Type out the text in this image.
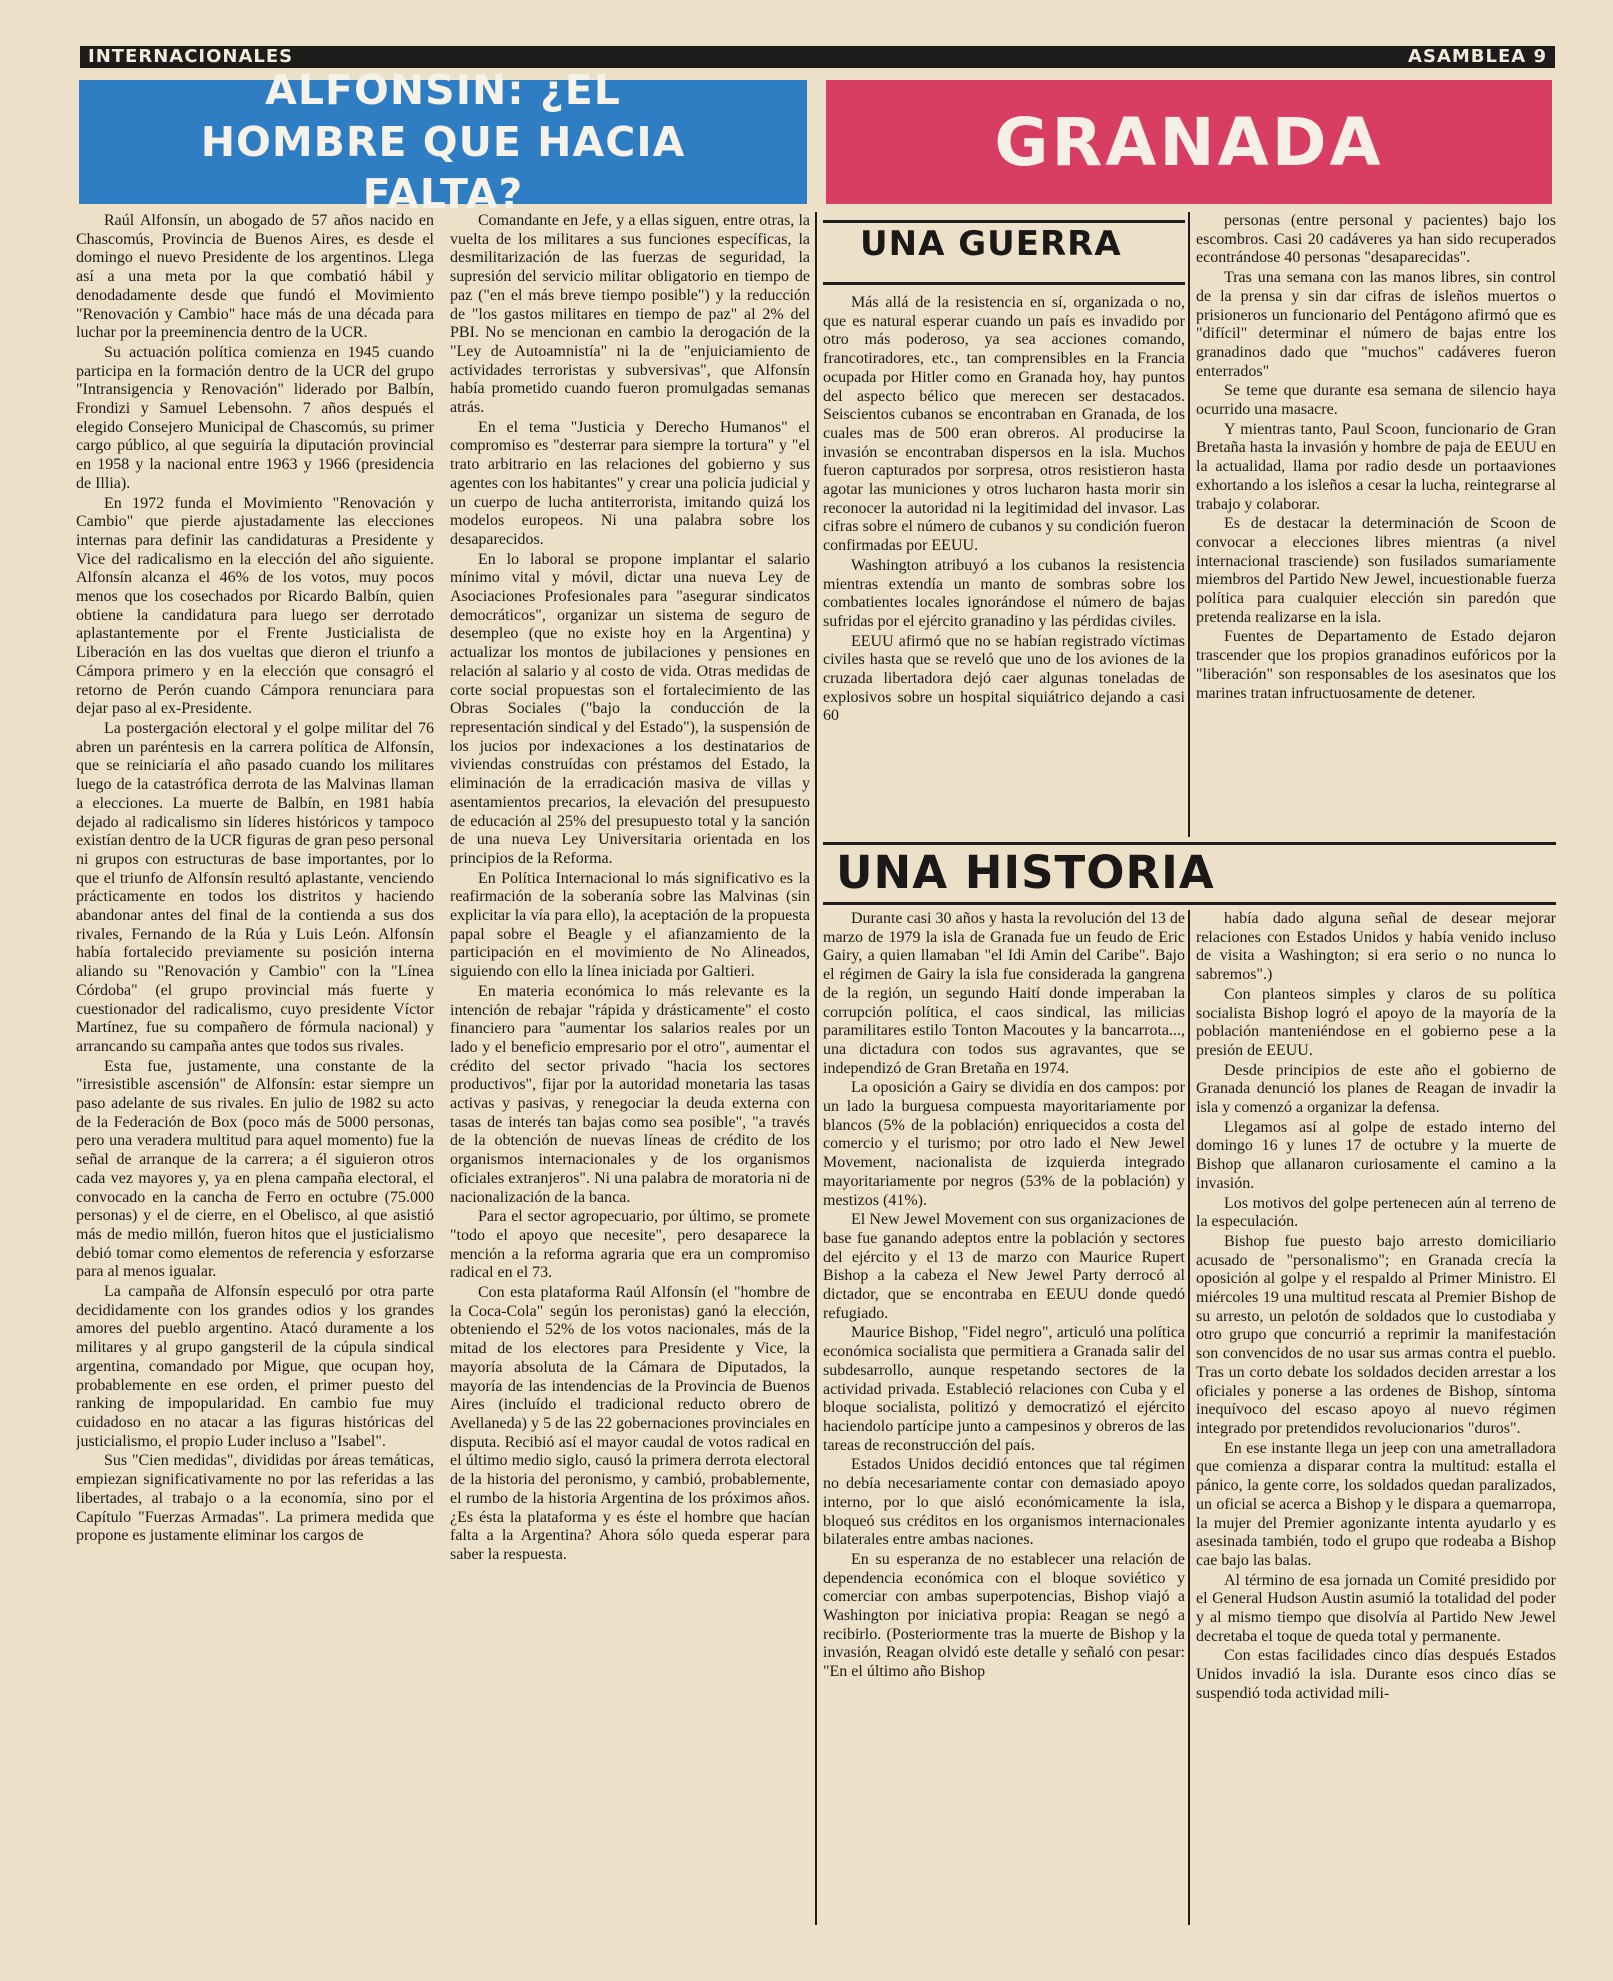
INTERNACIONALES	ASAMBLEA 9
ALFONSIN: ¿EL HOMBRE QUE HACIA FALTA?
GRANADA

Raúl Alfonsín, un abogado de 57 años nacido en Chascomús, Provincia de Buenos Aires, es desde el domingo el nuevo Presidente de los argentinos. Llega así a una meta por la que combatió hábil y denodadamente desde que fundó el Movimiento "Renovación y Cambio" hace más de una década para luchar por la preeminencia dentro de la UCR.

Su actuación política comienza en 1945 cuando participa en la formación dentro de la UCR del grupo "Intransigencia y Renovación" liderado por Balbín, Frondizi y Samuel Lebensohn. 7 años después el elegido Consejero Municipal de Chascomús, su primer cargo público, al que seguiría la diputación provincial en 1958 y la nacional entre 1963 y 1966 (presidencia de Illia).

En 1972 funda el Movimiento "Renovación y Cambio" que pierde ajustadamente las elecciones internas para definir las candidaturas a Presidente y Vice del radicalismo en la elección del año siguiente. Alfonsín alcanza el 46% de los votos, muy pocos menos que los cosechados por Ricardo Balbín, quien obtiene la candidatura para luego ser derrotado aplastantemente por el Frente Justicialista de Liberación en las dos vueltas que dieron el triunfo a Cámpora primero y en la elección que consagró el retorno de Perón cuando Cámpora renunciara para dejar paso al ex-Presidente.

La postergación electoral y el golpe militar del 76 abren un paréntesis en la carrera política de Alfonsín, que se reiniciaría el año pasado cuando los militares luego de la catastrófica derrota de las Malvinas llaman a elecciones. La muerte de Balbín, en 1981 había dejado al radicalismo sin líderes históricos y tampoco existían dentro de la UCR figuras de gran peso personal ni grupos con estructuras de base importantes, por lo que el triunfo de Alfonsín resultó aplastante, venciendo prácticamente en todos los distritos y haciendo abandonar antes del final de la contienda a sus dos rivales, Fernando de la Rúa y Luis León. Alfonsín había fortalecido previamente su posición interna aliando su "Renovación y Cambio" con la "Línea Córdoba" (el grupo provincial más fuerte y cuestionador del radicalismo, cuyo presidente Víctor Martínez, fue su compañero de fórmula nacional) y arrancando su campaña antes que todos sus rivales.

Esta fue, justamente, una constante de la "irresistible ascensión" de Alfonsín: estar siempre un paso adelante de sus rivales. En julio de 1982 su acto de la Federación de Box (poco más de 5000 personas, pero una veradera multitud para aquel momento) fue la señal de arranque de la carrera; a él siguieron otros cada vez mayores y, ya en plena campaña electoral, el convocado en la cancha de Ferro en octubre (75.000 personas) y el de cierre, en el Obelisco, al que asistió más de medio millón, fueron hitos que el justicialismo debió tomar como elementos de referencia y esforzarse para al menos igualar.

La campaña de Alfonsín especuló por otra parte decididamente con los grandes odios y los grandes amores del pueblo argentino. Atacó duramente a los militares y al grupo gangsteril de la cúpula sindical argentina, comandado por Migue, que ocupan hoy, probablemente en ese orden, el primer puesto del ranking de impopularidad. En cambio fue muy cuidadoso en no atacar a las figuras históricas del justicialismo, el propio Luder incluso a "Isabel".

Sus "Cien medidas", divididas por áreas temáticas, empiezan significativamente no por las referidas a las libertades, al trabajo o a la economía, sino por el Capítulo "Fuerzas Armadas". La primera medida que propone es justamente eliminar los cargos de

Comandante en Jefe, y a ellas siguen, entre otras, la vuelta de los militares a sus funciones específicas, la desmilitarización de las fuerzas de seguridad, la supresión del servicio militar obligatorio en tiempo de paz ("en el más breve tiempo posible") y la reducción de "los gastos militares en tiempo de paz" al 2% del PBI. No se mencionan en cambio la derogación de la "Ley de Autoamnistía" ni la de "enjuiciamiento de actividades terroristas y subversivas", que Alfonsín había prometido cuando fueron promulgadas semanas atrás.

En el tema "Justicia y Derecho Humanos" el compromiso es "desterrar para siempre la tortura" y "el trato arbitrario en las relaciones del gobierno y sus agentes con los habitantes" y crear una policía judicial y un cuerpo de lucha antiterrorista, imitando quizá los modelos europeos. Ni una palabra sobre los desaparecidos.

En lo laboral se propone implantar el salario mínimo vital y móvil, dictar una nueva Ley de Asociaciones Profesionales para "asegurar sindicatos democráticos", organizar un sistema de seguro de desempleo (que no existe hoy en la Argentina) y actualizar los montos de jubilaciones y pensiones en relación al salario y al costo de vida. Otras medidas de corte social propuestas son el fortalecimiento de las Obras Sociales ("bajo la conducción de la representación sindical y del Estado"), la suspensión de los jucios por indexaciones a los destinatarios de viviendas construídas con préstamos del Estado, la eliminación de la erradicación masiva de villas y asentamientos precarios, la elevación del presupuesto de educación al 25% del presupuesto total y la sanción de una nueva Ley Universitaria orientada en los principios de la Reforma.

En Política Internacional lo más significativo es la reafirmación de la soberanía sobre las Malvinas (sin explicitar la vía para ello), la aceptación de la propuesta papal sobre el Beagle y el afianzamiento de la participación en el movimiento de No Alineados, siguiendo con ello la línea iniciada por Galtieri.

En materia económica lo más relevante es la intención de rebajar "rápida y drásticamente" el costo financiero para "aumentar los salarios reales por un lado y el beneficio empresario por el otro", aumentar el crédito del sector privado "hacia los sectores productivos", fijar por la autoridad monetaria las tasas activas y pasivas, y renegociar la deuda externa con tasas de interés tan bajas como sea posible", "a través de la obtención de nuevas líneas de crédito de los organismos internacionales y de los organismos oficiales extranjeros". Ni una palabra de moratoria ni de nacionalización de la banca.

Para el sector agropecuario, por último, se promete "todo el apoyo que necesite", pero desaparece la mención a la reforma agraria que era un compromiso radical en el 73.

Con esta plataforma Raúl Alfonsín (el "hombre de la Coca-Cola" según los peronistas) ganó la elección, obteniendo el 52% de los votos nacionales, más de la mitad de los electores para Presidente y Vice, la mayoría absoluta de la Cámara de Diputados, la mayoría de las intendencias de la Provincia de Buenos Aires (incluído el tradicional reducto obrero de Avellaneda) y 5 de las 22 gobernaciones provinciales en disputa. Recibió así el mayor caudal de votos radical en el último medio siglo, causó la primera derrota electoral de la historia del peronismo, y cambió, probablemente, el rumbo de la historia Argentina de los próximos años. ¿Es ésta la plataforma y es éste el hombre que hacían falta a la Argentina? Ahora sólo queda esperar para saber la respuesta.

UNA GUERRA

Más allá de la resistencia en sí, organizada o no, que es natural esperar cuando un país es invadido por otro más poderoso, ya sea acciones comando, francotiradores, etc., tan comprensibles en la Francia ocupada por Hitler como en Granada hoy, hay puntos del aspecto bélico que merecen ser destacados. Seiscientos cubanos se encontraban en Granada, de los cuales mas de 500 eran obreros. Al producirse la invasión se encontraban dispersos en la isla. Muchos fueron capturados por sorpresa, otros resistieron hasta agotar las municiones y otros lucharon hasta morir sin reconocer la autoridad ni la legitimidad del invasor. Las cifras sobre el número de cubanos y su condición fueron confirmadas por EEUU.

Washington atribuyó a los cubanos la resistencia mientras extendía un manto de sombras sobre los combatientes locales ignorándose el número de bajas sufridas por el ejército granadino y las pérdidas civiles.

EEUU afirmó que no se habían registrado víctimas civiles hasta que se reveló que uno de los aviones de la cruzada libertadora dejó caer algunas toneladas de explosivos sobre un hospital siquiátrico dejando a casi 60

personas (entre personal y pacientes) bajo los escombros. Casi 20 cadáveres ya han sido recuperados econtrándose 40 personas "desaparecidas".

Tras una semana con las manos libres, sin control de la prensa y sin dar cifras de isleños muertos o prisioneros un funcionario del Pentágono afirmó que es "difícil" determinar el número de bajas entre los granadinos dado que "muchos" cadáveres fueron enterrados"

Se teme que durante esa semana de silencio haya ocurrido una masacre.

Y mientras tanto, Paul Scoon, funcionario de Gran Bretaña hasta la invasión y hombre de paja de EEUU en la actualidad, llama por radio desde un portaaviones exhortando a los isleños a cesar la lucha, reintegrarse al trabajo y colaborar.

Es de destacar la determinación de Scoon de convocar a elecciones libres mientras (a nivel internacional trasciende) son fusilados sumariamente miembros del Partido New Jewel, incuestionable fuerza política para cualquier elección sin paredón que pretenda realizarse en la isla.

Fuentes de Departamento de Estado dejaron trascender que los propios granadinos eufóricos por la "liberación" son responsables de los asesinatos que los marines tratan infructuosamente de detener.

UNA HISTORIA

Durante casi 30 años y hasta la revolución del 13 de marzo de 1979 la isla de Granada fue un feudo de Eric Gairy, a quien llamaban "el Idi Amin del Caribe". Bajo el régimen de Gairy la isla fue considerada la gangrena de la región, un segundo Haití donde imperaban la corrupción política, el caos sindical, las milicias paramilitares estilo Tonton Macoutes y la bancarrota..., una dictadura con todos sus agravantes, que se independizó de Gran Bretaña en 1974.

La oposición a Gairy se dividía en dos campos: por un lado la burguesa compuesta mayoritariamente por blancos (5% de la población) enriquecidos a costa del comercio y el turismo; por otro lado el New Jewel Movement, nacionalista de izquierda integrado mayoritariamente por negros (53% de la población) y mestizos (41%).

El New Jewel Movement con sus organizaciones de base fue ganando adeptos entre la población y sectores del ejército y el 13 de marzo con Maurice Rupert Bishop a la cabeza el New Jewel Party derrocó al dictador, que se encontraba en EEUU donde quedó refugiado.

Maurice Bishop, "Fidel negro", articuló una política económica socialista que permitiera a Granada salir del subdesarrollo, aunque respetando sectores de la actividad privada. Estableció relaciones con Cuba y el bloque socialista, politizó y democratizó el ejército haciendolo partícipe junto a campesinos y obreros de las tareas de reconstrucción del país.

Estados Unidos decidió entonces que tal régimen no debía necesariamente contar con demasiado apoyo interno, por lo que aisló económicamente la isla, bloqueó sus créditos en los organismos internacionales bilaterales entre ambas naciones.

En su esperanza de no establecer una relación de dependencia económica con el bloque soviético y comerciar con ambas superpotencias, Bishop viajó a Washington por iniciativa propia: Reagan se negó a recibirlo. (Posteriormente tras la muerte de Bishop y la invasión, Reagan olvidó este detalle y señaló con pesar: "En el último año Bishop

había dado alguna señal de desear mejorar relaciones con Estados Unidos y había venido incluso de visita a Washington; si era serio o no nunca lo sabremos".)

Con planteos simples y claros de su política socialista Bishop logró el apoyo de la mayoría de la población manteniéndose en el gobierno pese a la presión de EEUU.

Desde principios de este año el gobierno de Granada denunció los planes de Reagan de invadir la isla y comenzó a organizar la defensa.

Llegamos así al golpe de estado interno del domingo 16 y lunes 17 de octubre y la muerte de Bishop que allanaron curiosamente el camino a la invasión.

Los motivos del golpe pertenecen aún al terreno de la especulación.

Bishop fue puesto bajo arresto domiciliario acusado de "personalismo"; en Granada crecía la oposición al golpe y el respaldo al Primer Ministro. El miércoles 19 una multitud rescata al Premier Bishop de su arresto, un pelotón de soldados que lo custodiaba y otro grupo que concurrió a reprimir la manifestación son convencidos de no usar sus armas contra el pueblo. Tras un corto debate los soldados deciden arrestar a los oficiales y ponerse a las ordenes de Bishop, síntoma inequívoco del escaso apoyo al nuevo régimen integrado por pretendidos revolucionarios "duros".

En ese instante llega un jeep con una ametralladora que comienza a disparar contra la multitud: estalla el pánico, la gente corre, los soldados quedan paralizados, un oficial se acerca a Bishop y le dispara a quemarropa, la mujer del Premier agonizante intenta ayudarlo y es asesinada también, todo el grupo que rodeaba a Bishop cae bajo las balas.

Al término de esa jornada un Comité presidido por el General Hudson Austin asumió la totalidad del poder y al mismo tiempo que disolvía al Partido New Jewel decretaba el toque de queda total y permanente.

Con estas facilidades cinco días después Estados Unidos invadió la isla. Durante esos cinco días se suspendió toda actividad mili-
